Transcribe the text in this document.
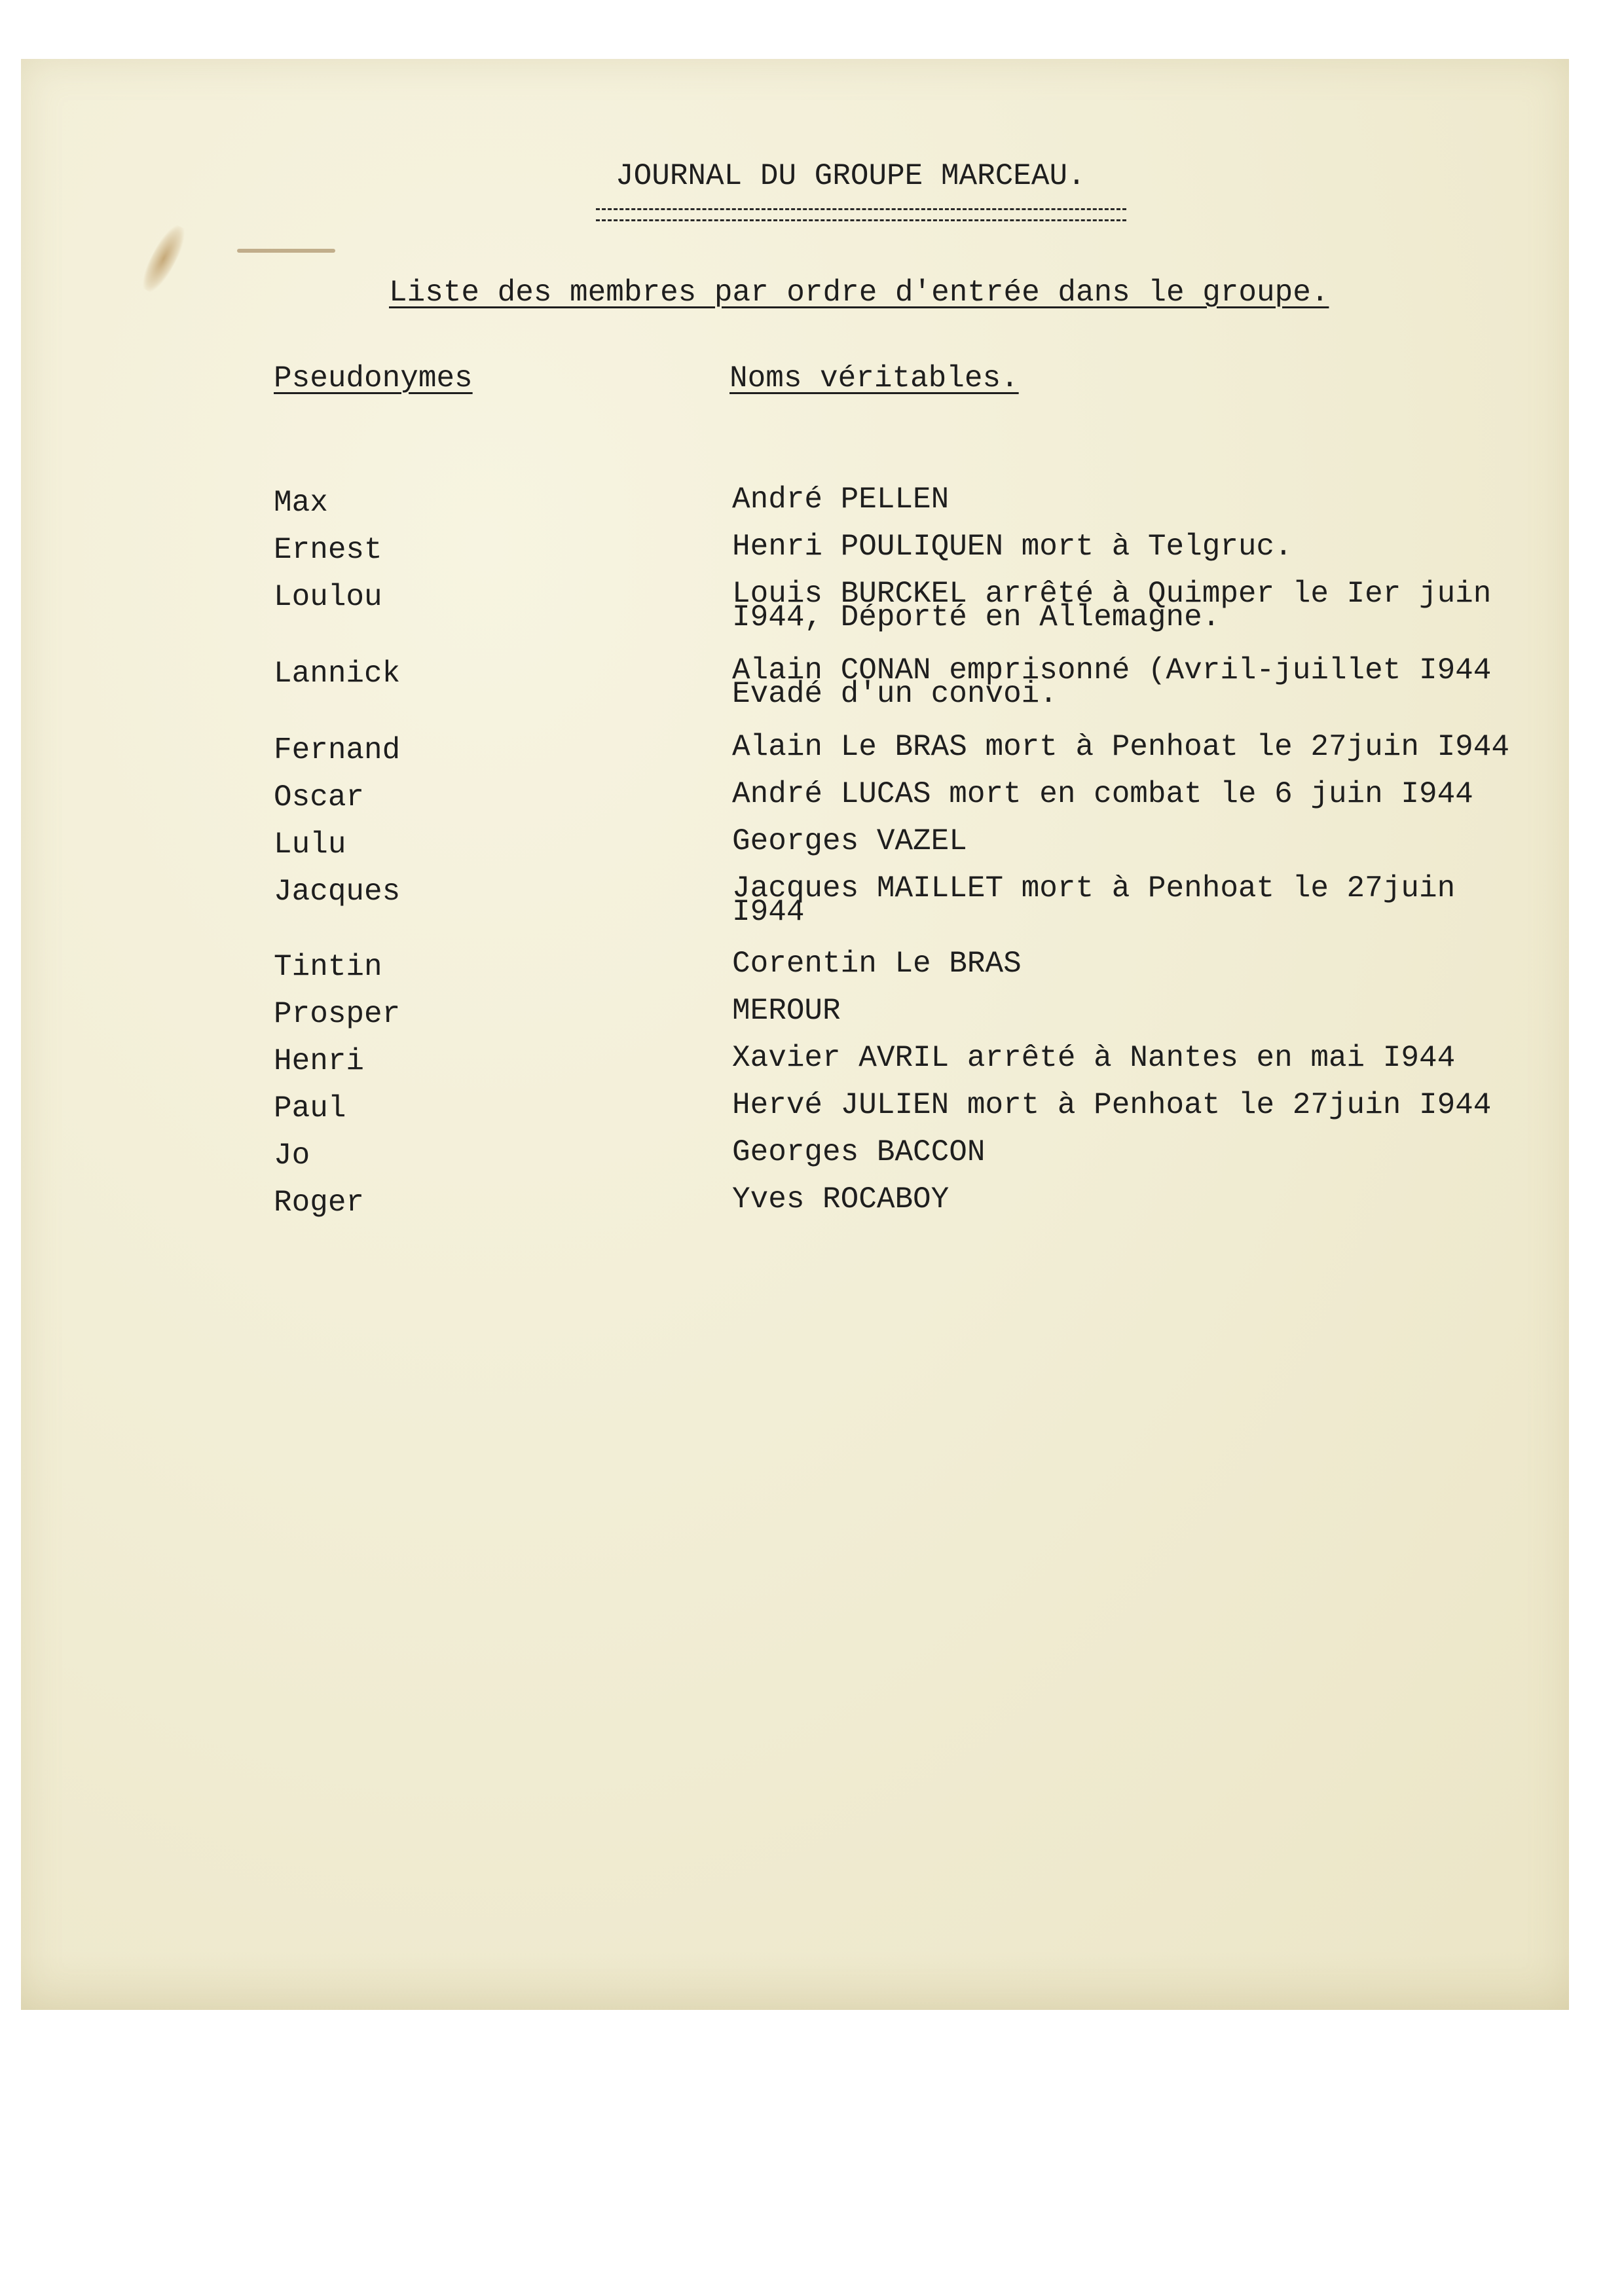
JOURNAL DU GROUPE MARCEAU.
Liste des membres par ordre d'entrée dans le groupe.
Pseudonymes	Noms véritables.
Max	André PELLEN
Ernest	Henri POULIQUEN mort à Telgruc.
Loulou	Louis BURCKEL arrêté à Quimper le Ier juin
I944, Déporté en Allemagne.
Lannick	Alain CONAN emprisonné (Avril-juillet I944
Evadé d'un convoi.
Fernand	Alain Le BRAS mort à Penhoat le 27juin I944
Oscar	André LUCAS mort en combat le 6 juin I944
Lulu	Georges VAZEL
Jacques	Jacques MAILLET mort à Penhoat le 27juin
I944
Tintin	Corentin Le BRAS
Prosper	MEROUR
Henri	Xavier AVRIL arrêté à Nantes en mai I944
Paul	Hervé JULIEN mort à Penhoat le 27juin I944
Jo	Georges BACCON
Roger	Yves ROCABOY
